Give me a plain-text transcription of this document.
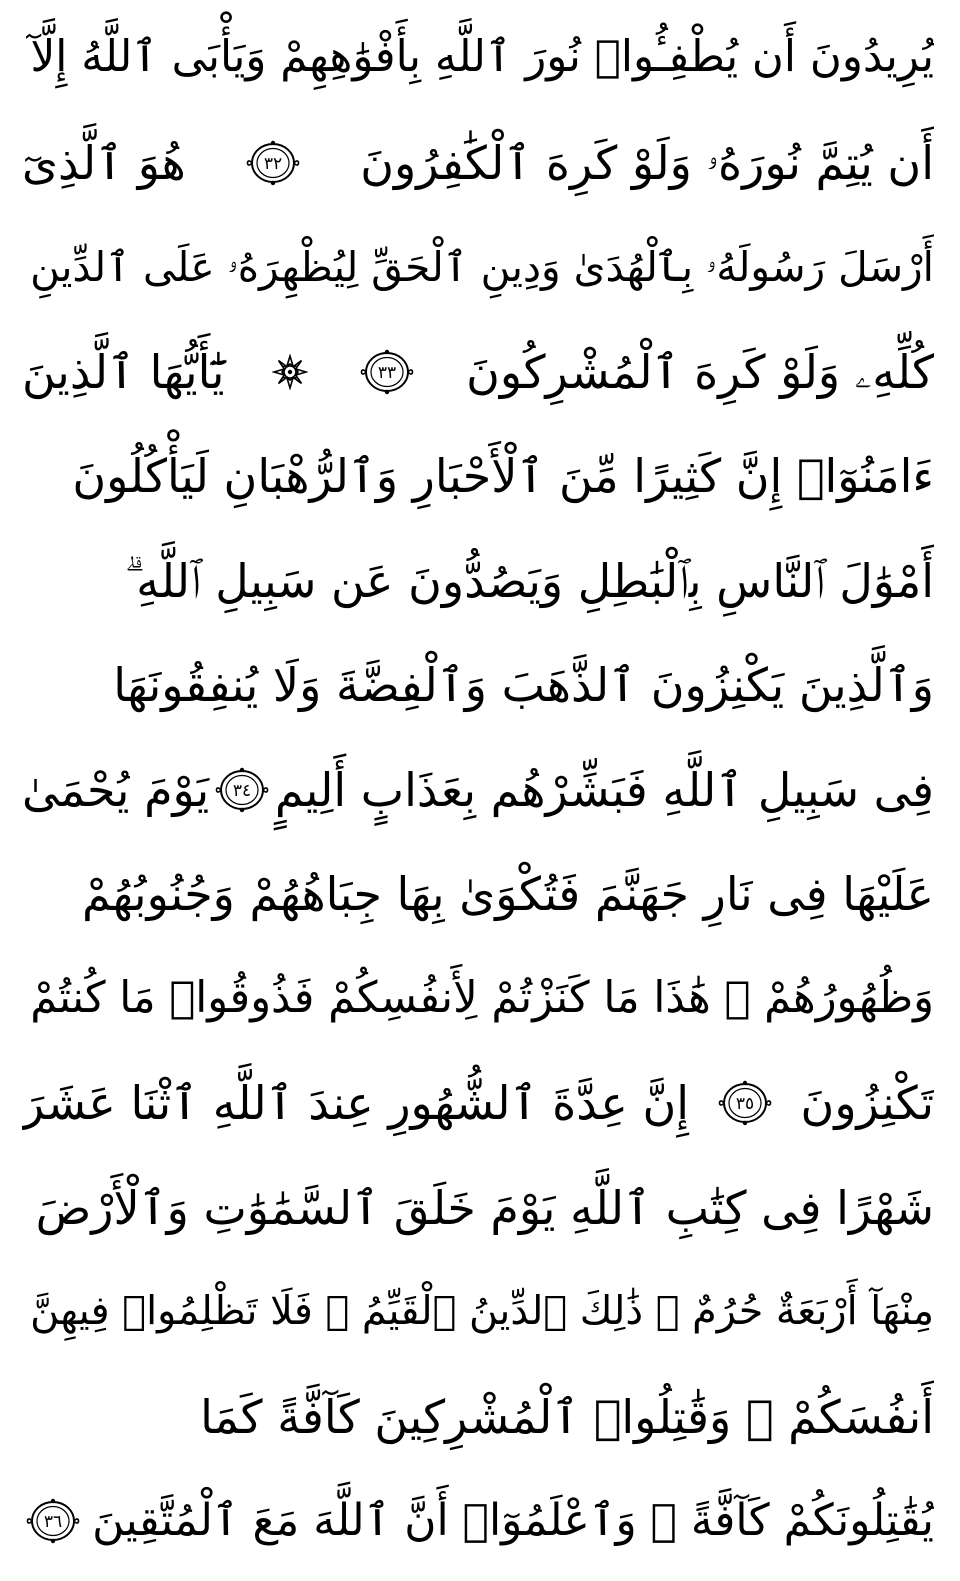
يُرِيدُونَ أَن يُطْفِـُٔوا۟ نُورَ ٱللَّهِ بِأَفْوَٰهِهِمْ وَيَأْبَى ٱللَّهُ إِلَّآ
أَن يُتِمَّ نُورَهُۥ وَلَوْ كَرِهَ ٱلْكَٰفِرُونَ
٣٢
هُوَ ٱلَّذِىٓ
أَرْسَلَ رَسُولَهُۥ بِٱلْهُدَىٰ وَدِينِ ٱلْحَقِّ لِيُظْهِرَهُۥ عَلَى ٱلدِّينِ
كُلِّهِۦ وَلَوْ كَرِهَ ٱلْمُشْرِكُونَ
٣٣
يَٰٓأَيُّهَا ٱلَّذِينَ
ءَامَنُوٓا۟ إِنَّ كَثِيرًا مِّنَ ٱلْأَحْبَارِ وَٱلرُّهْبَانِ لَيَأْكُلُونَ
أَمْوَٰلَ ٱلنَّاسِ بِٱلْبَٰطِلِ وَيَصُدُّونَ عَن سَبِيلِ ٱللَّهِ ۗ
وَٱلَّذِينَ يَكْنِزُونَ ٱلذَّهَبَ وَٱلْفِضَّةَ وَلَا يُنفِقُونَهَا
فِى سَبِيلِ ٱللَّهِ فَبَشِّرْهُم بِعَذَابٍ أَلِيمٍ
٣٤
يَوْمَ يُحْمَىٰ
عَلَيْهَا فِى نَارِ جَهَنَّمَ فَتُكْوَىٰ بِهَا جِبَاهُهُمْ وَجُنُوبُهُمْ
وَظُهُورُهُمْ ۖ هَٰذَا مَا كَنَزْتُمْ لِأَنفُسِكُمْ فَذُوقُوا۟ مَا كُنتُمْ
تَكْنِزُونَ
٣٥
إِنَّ عِدَّةَ ٱلشُّهُورِ عِندَ ٱللَّهِ ٱثْنَا عَشَرَ
شَهْرًا فِى كِتَٰبِ ٱللَّهِ يَوْمَ خَلَقَ ٱلسَّمَٰوَٰتِ وَٱلْأَرْضَ
مِنْهَآ أَرْبَعَةٌ حُرُمٌ ۚ ذَٰلِكَ ٱلدِّينُ ٱلْقَيِّمُ ۚ فَلَا تَظْلِمُوا۟ فِيهِنَّ
أَنفُسَكُمْ ۚ وَقَٰتِلُوا۟ ٱلْمُشْرِكِينَ كَآفَّةً كَمَا
يُقَٰتِلُونَكُمْ كَآفَّةً ۚ وَٱعْلَمُوٓا۟ أَنَّ ٱللَّهَ مَعَ ٱلْمُتَّقِينَ
٣٦
